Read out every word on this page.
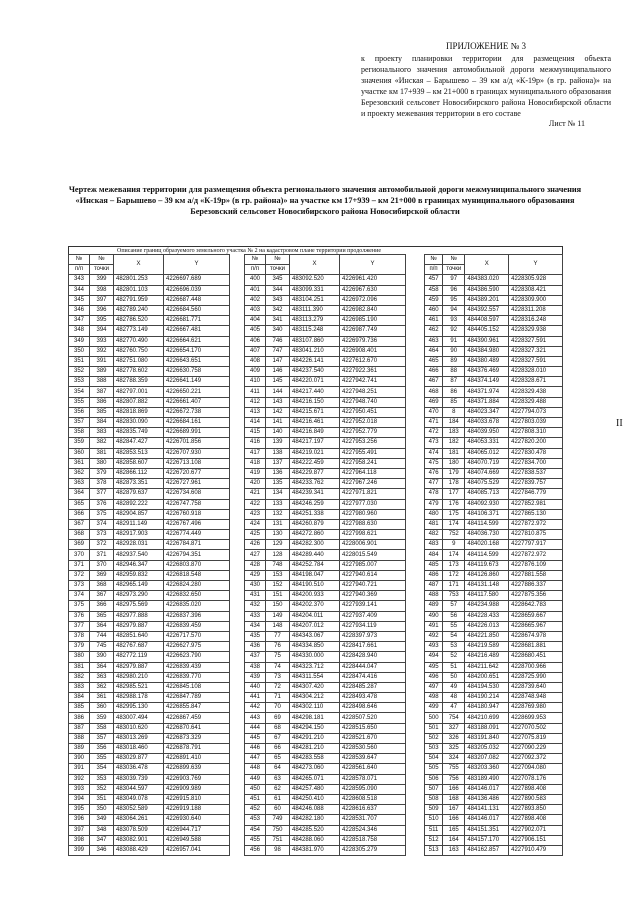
ПРИЛОЖЕНИЕ № 3
к проекту планировки территории для размещения объекта регионального значения автомобильной дороги межмуниципального значения «Инская – Барышево – 39 км а/д «К-19р» (в гр. района)» на участке км 17+939 – км 21+000 в границах муниципального образования Березовский сельсовет Новосибирского района Новосибирской области и проекту межевания территории в его составе
Лист № 11
Чертеж межевания территории для размещения объекта регионального значения автомобильной дороги межмуниципального значения «Инская – Барышево – 39 км а/д «К-19р» (в гр. района)» на участке км 17+939 – км 21+000 в границах муниципального образования Березовский сельсовет Новосибирского района Новосибирской области
Описание границ образуемого земельного участка № 2 на кадастровом плане территории продолжение
№	№	X	Y
п/п	точки		
343	399	482801.253	4226697.689
344	398	482801.103	4226696.039
345	397	482791.959	4226687.448
346	396	482789.240	4226684.560
347	395	482786.520	4226681.771
348	394	482773.149	4226667.481
349	393	482770.490	4226664.621
350	392	482760.750	4226654.170
351	391	482751.080	4226643.651
352	389	482778.602	4226630.758
353	388	482788.359	4226641.149
354	387	482797.001	4226650.221
355	386	482807.882	4226661.407
356	385	482818.869	4226672.738
357	384	482830.090	4226684.161
358	383	482835.749	4226689.991
359	382	482847.427	4226701.856
360	381	482853.513	4226707.930
361	380	482858.607	4226713.108
362	379	482866.112	4226720.677
363	378	482873.351	4226727.961
364	377	482879.637	4226734.608
365	376	482892.222	4226747.758
366	375	482904.857	4226760.918
367	374	482911.149	4226767.496
368	373	482917.903	4226774.449
369	372	482928.031	4226784.871
370	371	482937.540	4226794.351
371	370	482946.347	4226803.870
372	369	482959.832	4226818.548
373	368	482965.149	4226824.280
374	367	482973.290	4226832.650
375	366	482975.569	4226835.020
376	365	482977.888	4226837.396
377	364	482979.887	4226839.459
378	744	482851.640	4226717.570
379	745	482767.687	4226627.975
380	390	482772.119	4226623.790
381	364	482979.887	4226839.439
382	363	482980.210	4226839.770
383	362	482985.521	4226845.108
384	361	482988.178	4226847.789
385	360	482995.130	4226855.847
386	359	483007.494	4226867.459
387	358	483010.620	4226870.641
388	357	483013.269	4226873.329
389	356	483018.460	4226878.791
390	355	483029.877	4226891.410
391	354	483036.478	4226899.639
392	353	483039.739	4226903.769
393	352	483044.597	4226909.989
394	351	483049.078	4226915.810
395	350	483052.589	4226919.188
396	349	483064.261	4226930.640
397	348	483078.509	4226944.717
398	347	483082.901	4226949.588
399	346	483088.429	4226957.041
№	№	X	Y
п/п	точки		
400	345	483092.520	4226961.420
401	344	483099.331	4226967.630
402	343	483104.251	4226972.096
403	342	483111.390	4226982.840
404	341	483113.279	4226985.190
405	340	483115.248	4226987.749
406	746	483107.860	4226979.736
407	747	483041.210	4226908.401
408	147	484226.141	4227612.670
409	146	484237.540	4227922.361
410	145	484220.071	4227942.741
411	144	484217.440	4227948.251
412	143	484216.150	4227948.740
413	142	484215.671	4227950.451
414	141	484216.461	4227952.018
415	140	484216.849	4227952.779
416	139	484217.197	4227953.256
417	138	484219.021	4227955.491
418	137	484222.459	4227958.241
419	136	484229.877	4227964.118
420	135	484233.762	4227967.246
421	134	484239.341	4227971.821
422	133	484246.259	4227977.030
423	132	484251.338	4227980.960
424	131	484260.879	4227988.630
425	130	484272.860	4227998.621
426	129	484282.300	4228006.901
427	128	484289.440	4228015.549
428	748	484252.784	4227985.007
429	153	484198.047	4227940.614
430	152	484190.510	4227940.721
431	151	484200.933	4227940.369
432	150	484202.370	4227939.141
433	149	484204.011	4227937.409
434	148	484207.012	4227934.119
435	77	484343.067	4228397.973
436	76	484334.850	4228417.661
437	75	484330.000	4228428.940
438	74	484323.712	4228444.047
439	73	484311.554	4228474.416
440	72	484307.420	4228485.287
441	71	484304.212	4228493.478
442	70	484302.110	4228498.646
443	69	484298.181	4228507.520
444	68	484294.150	4228515.650
445	67	484291.210	4228521.670
446	66	484281.210	4228530.560
447	65	484283.558	4228539.647
448	64	484273.060	4228561.640
449	63	484265.071	4228578.071
450	62	484257.480	4228595.090
451	61	484250.410	4228608.518
452	60	484246.088	4228616.637
453	749	484282.180	4228531.707
454	750	484285.520	4228524.346
455	751	484288.060	4228518.758
456	98	484381.970	4228305.279
№	№	X	Y
п/п	точки		
457	97	484383.020	4228305.928
458	96	484386.590	4228308.421
459	95	484389.201	4228309.900
460	94	484392.557	4228311.208
461	93	484408.597	4228316.248
462	92	484405.152	4228329.938
463	91	484390.961	4228327.591
464	90	484384.980	4228327.321
465	89	484380.489	4228327.591
466	88	484376.469	4228328.010
467	87	484374.149	4228328.671
468	86	484371.974	4228329.438
469	85	484371.884	4228329.488
470	8	484023.347	4227794.073
471	184	484033.678	4227803.039
472	183	484039.950	4227808.310
473	182	484053.331	4227820.200
474	181	484065.012	4227830.478
475	180	484070.719	4227834.700
476	179	484074.669	4227838.537
477	178	484075.529	4227839.757
478	177	484085.713	4227846.779
479	176	484092.930	4227852.981
480	175	484106.371	4227865.130
481	174	484114.599	4227872.972
482	752	484036.730	4227810.875
483	9	484020.168	4227797.917
484	174	484114.599	4227872.972
485	173	484119.673	4227876.109
486	172	484126.860	4227881.558
487	171	484131.148	4227886.337
488	753	484117.580	4227875.356
489	57	484234.988	4228642.783
490	56	484228.433	4228659.667
491	55	484226.013	4228665.967
492	54	484221.850	4228674.978
493	53	484219.589	4228681.881
494	52	484216.489	4228680.451
495	51	484211.642	4228700.966
496	50	484200.651	4228725.990
497	49	484194.530	4228739.640
498	48	484190.214	4228748.948
499	47	484180.947	4228769.980
500	754	484210.699	4228699.953
501	327	483188.091	4227070.502
502	326	483191.840	4227075.819
503	325	483205.032	4227090.229
504	324	483207.082	4227092.372
505	755	483203.360	4227094.080
506	756	483189.490	4227078.176
507	166	484146.017	4227898.408
508	168	484136.486	4227890.583
509	167	484141.131	4227893.850
510	166	484146.017	4227898.408
511	165	484151.351	4227902.071
512	164	484157.170	4227906.151
513	163	484162.857	4227910.479
II
